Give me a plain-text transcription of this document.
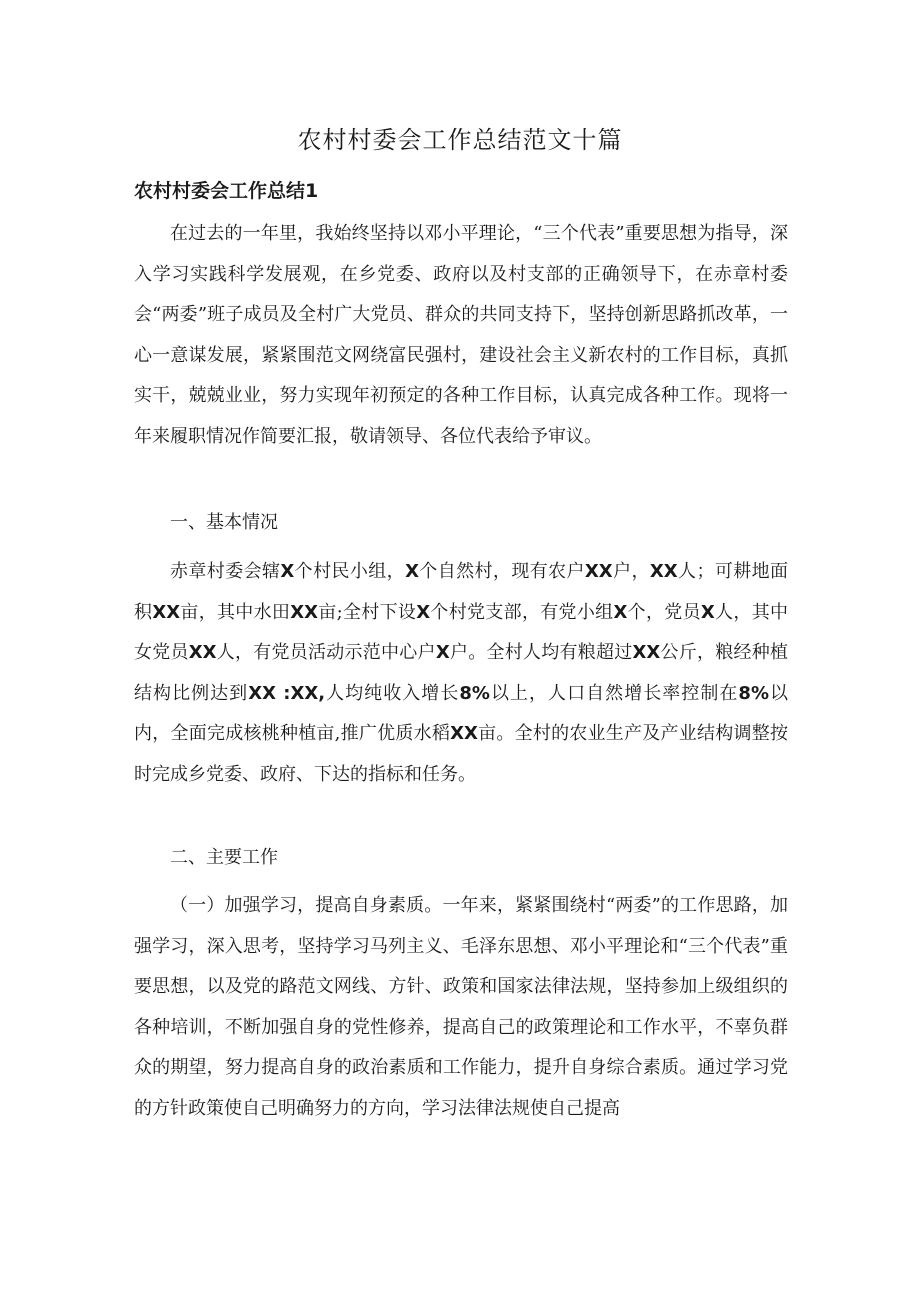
农村村委会工作总结范文十篇
农村村委会工作总结1

在过去的一年里，我始终坚持以邓小平理论，“三个代表”重要思想为指导，深入学习实践科学发展观，在乡党委、政府以及村支部的正确领导下，在赤章村委会“两委”班子成员及全村广大党员、群众的共同支持下，坚持创新思路抓改革，一心一意谋发展，紧紧围范文网绕富民强村，建设社会主义新农村的工作目标，真抓实干，兢兢业业，努力实现年初预定的各种工作目标，认真完成各种工作。现将一年来履职情况作简要汇报，敬请领导、各位代表给予审议。

一、基本情况

赤章村委会辖X个村民小组，X个自然村，现有农户XX户，XX人；可耕地面积XX亩，其中水田XX亩;全村下设X个村党支部，有党小组X个，党员X人，其中女党员XX人，有党员活动示范中心户X户。全村人均有粮超过XX公斤，粮经种植结构比例达到XX :XX,人均纯收入增长8%以上，人口自然增长率控制在8%以内，全面完成核桃种植亩,推广优质水稻XX亩。全村的农业生产及产业结构调整按时完成乡党委、政府、下达的指标和任务。

二、主要工作

（一）加强学习，提高自身素质。一年来，紧紧围绕村“两委”的工作思路，加强学习，深入思考，坚持学习马列主义、毛泽东思想、邓小平理论和“三个代表”重要思想，以及党的路范文网线、方针、政策和国家法律法规，坚持参加上级组织的各种培训，不断加强自身的党性修养，提高自己的政策理论和工作水平，不辜负群众的期望，努力提高自身的政治素质和工作能力，提升自身综合素质。通过学习党的方针政策使自己明确努力的方向，学习法律法规使自己提高
